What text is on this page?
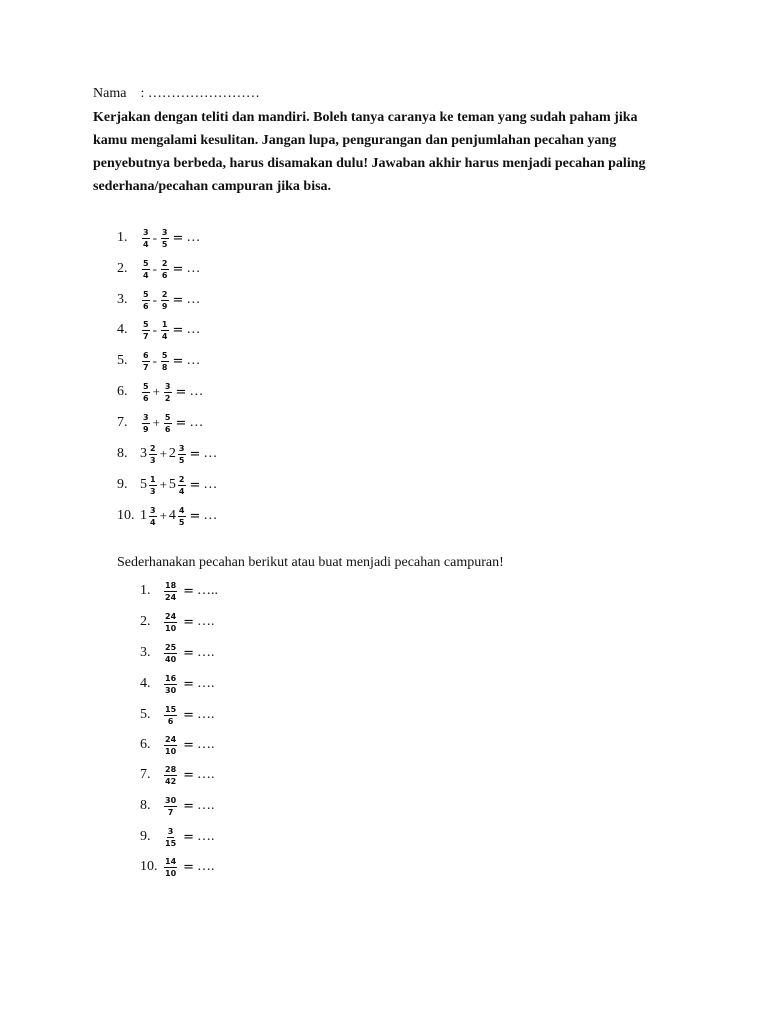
Nama : ……………………
Kerjakan dengan teliti dan mandiri. Boleh tanya caranya ke teman yang sudah paham jika kamu mengalami kesulitan. Jangan lupa, pengurangan dan penjumlahan pecahan yang penyebutnya berbeda, harus disamakan dulu! Jawaban akhir harus menjadi pecahan paling sederhana/pecahan campuran jika bisa.
1.	$\frac{3}{4} - \frac{3}{5}$ = …
2.	$\frac{5}{4} - \frac{2}{6}$ = …
3.	$\frac{5}{6} - \frac{2}{9}$ = …
4.	$\frac{5}{7} - \frac{1}{4}$ = …
5.	$\frac{6}{7} - \frac{5}{8}$ = …
6.	$\frac{5}{6} + \frac{3}{2}$ = …
7.	$\frac{3}{9} + \frac{5}{6}$ = …
8. $3 \frac{2}{3} + 2 \frac{3}{5}$ = …
9. $5 \frac{1}{3} + 5 \frac{2}{4}$ = …
10. $1 \frac{3}{4} + 4 \frac{4}{5}$ = …
Sederhanakan pecahan berikut atau buat menjadi pecahan campuran!
1.	$\frac{18}{24}$ = …..
2.	$\frac{24}{10}$ = ….
3.	$\frac{25}{40}$ = ….
4.	$\frac{16}{30}$ = ….
5.	$\frac{15}{6}$ = ….
6.	$\frac{24}{10}$ = ….
7.	$\frac{28}{42}$ = ….
8.	$\frac{30}{7}$ = ….
9.	$\frac{3}{15}$ = ….
10. $\frac{14}{10}$ = ….
